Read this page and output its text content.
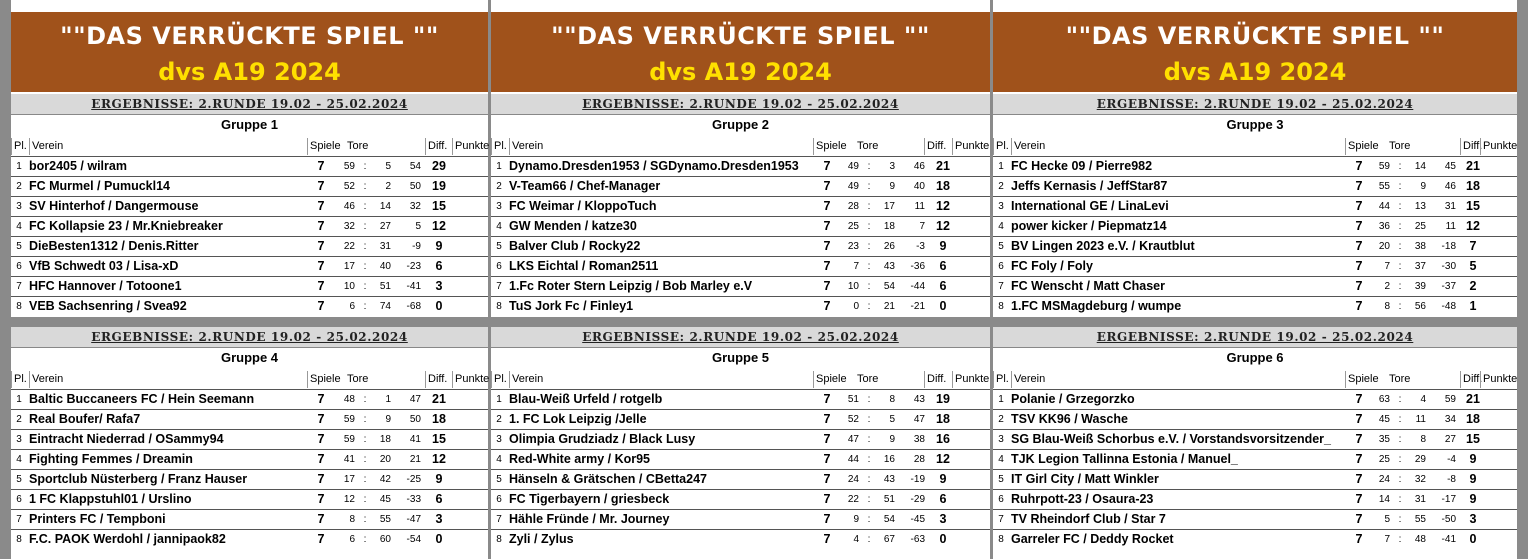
""DAS VERRÜCKTE SPIEL ""
dvs A19 2024
ERGEBNISSE: 2.RUNDE 19.02 - 25.02.2024
Gruppe 1
Pl. Verein	Spiele Tore	Diff. Punkte
1 bor2405 / wilram	7	59 :	5	54 29
2 FC Murmel / Pumuckl14	7	52 :	2	50 19
3 SV Hinterhof / Dangermouse	7	46 :	14	32 15
4 FC Kollapsie 23 / Mr.Kniebreaker	7	32 :	27	5 12
5 DieBesten1312 / Denis.Ritter	7	22 :	31	-9	9
6 VfB Schwedt 03 / Lisa-xD	7	17 :	40	-23	6
7 HFC Hannover / Totoone1	7	10 :	51	-41	3
8 VEB Sachsenring / Svea92	7	6 :	74	-68	0
ERGEBNISSE: 2.RUNDE 19.02 - 25.02.2024
Gruppe 4
Pl. Verein	Spiele Tore	Diff. Punkte
1 Baltic Buccaneers FC / Hein Seemann	7	48 :	1	47 21
2 Real Boufer/ Rafa7	7	59 :	9	50 18
3 Eintracht Niederrad / OSammy94	7	59 :	18	41 15
4 Fighting Femmes / Dreamin	7	41 :	20	21 12
5 Sportclub Nüsterberg / Franz Hauser	7	17 :	42	-25	9
6 1 FC Klappstuhl01 / Urslino	7	12 :	45	-33	6
7 Printers FC / Tempboni	7	8 :	55	-47	3
8 F.C. PAOK Werdohl / jannipaok82	7	6 :	60	-54	0
""DAS VERRÜCKTE SPIEL ""
dvs A19 2024
ERGEBNISSE: 2.RUNDE 19.02 - 25.02.2024
Gruppe 2
Pl. Verein	Spiele Tore	Diff. Punkte
1 Dynamo.Dresden1953 / SGDynamo.Dresden1953	7	49 :	3	46 21
2 V-Team66 / Chef-Manager	7	49 :	9	40 18
3 FC Weimar / KloppoTuch	7	28 :	17	11 12
4 GW Menden / katze30	7	25 :	18	7 12
5 Balver Club / Rocky22	7	23 :	26	-3	9
6 LKS Eichtal / Roman2511	7	7 :	43	-36	6
7 1.Fc Roter Stern Leipzig / Bob Marley e.V	7	10 :	54	-44	6
8 TuS Jork Fc / Finley1	7	0 :	21	-21	0
ERGEBNISSE: 2.RUNDE 19.02 - 25.02.2024
Gruppe 5
Pl. Verein	Spiele Tore	Diff. Punkte
1 Blau-Weiß Urfeld / rotgelb	7	51 :	8	43 19
2 1. FC Lok Leipzig /Jelle	7	52 :	5	47 18
3 Olimpia Grudziadz / Black Lusy	7	47 :	9	38 16
4 Red-White army / Kor95	7	44 :	16	28 12
5 Hänseln & Grätschen / CBetta247	7	24 :	43	-19	9
6 FC Tigerbayern / griesbeck	7	22 :	51	-29	6
7 Hähle Fründe / Mr. Journey	7	9 :	54	-45	3
8 Zyli / Zylus	7	4 :	67	-63	0
""DAS VERRÜCKTE SPIEL ""
dvs A19 2024
ERGEBNISSE: 2.RUNDE 19.02 - 25.02.2024
Gruppe 3
Pl. Verein	Spiele Tore	Diff. Punkte
1 FC Hecke 09 / Pierre982	7	59 :	14	45 21
2 Jeffs Kernasis / JeffStar87	7	55 :	9	46 18
3 International GE / LinaLevi	7	44 :	13	31 15
4 power kicker / Piepmatz14	7	36 :	25	11 12
5 BV Lingen 2023 e.V. / Krautblut	7	20 :	38	-18	7
6 FC Foly / Foly	7	7 :	37	-30	5
7 FC Wenscht / Matt Chaser	7	2 :	39	-37	2
8 1.FC MSMagdeburg / wumpe	7	8 :	56	-48	1
ERGEBNISSE: 2.RUNDE 19.02 - 25.02.2024
Gruppe 6
Pl. Verein	Spiele Tore	Diff. Punkte
1 Polanie / Grzegorzko	7	63 :	4	59 21
2 TSV KK96 / Wasche	7	45 :	11	34 18
3 SG Blau-Weiß Schorbus e.V. / Vorstandsvorsitzender_	7	35 :	8	27 15
4 TJK Legion Tallinna Estonia / Manuel_	7	25 :	29	-4	9
5 IT Girl City / Matt Winkler	7	24 :	32	-8	9
6 Ruhrpott-23 / Osaura-23	7	14 :	31	-17	9
7 TV Rheindorf Club / Star 7	7	5 :	55	-50	3
8 Garreler FC / Deddy Rocket	7	7 :	48	-41	0
